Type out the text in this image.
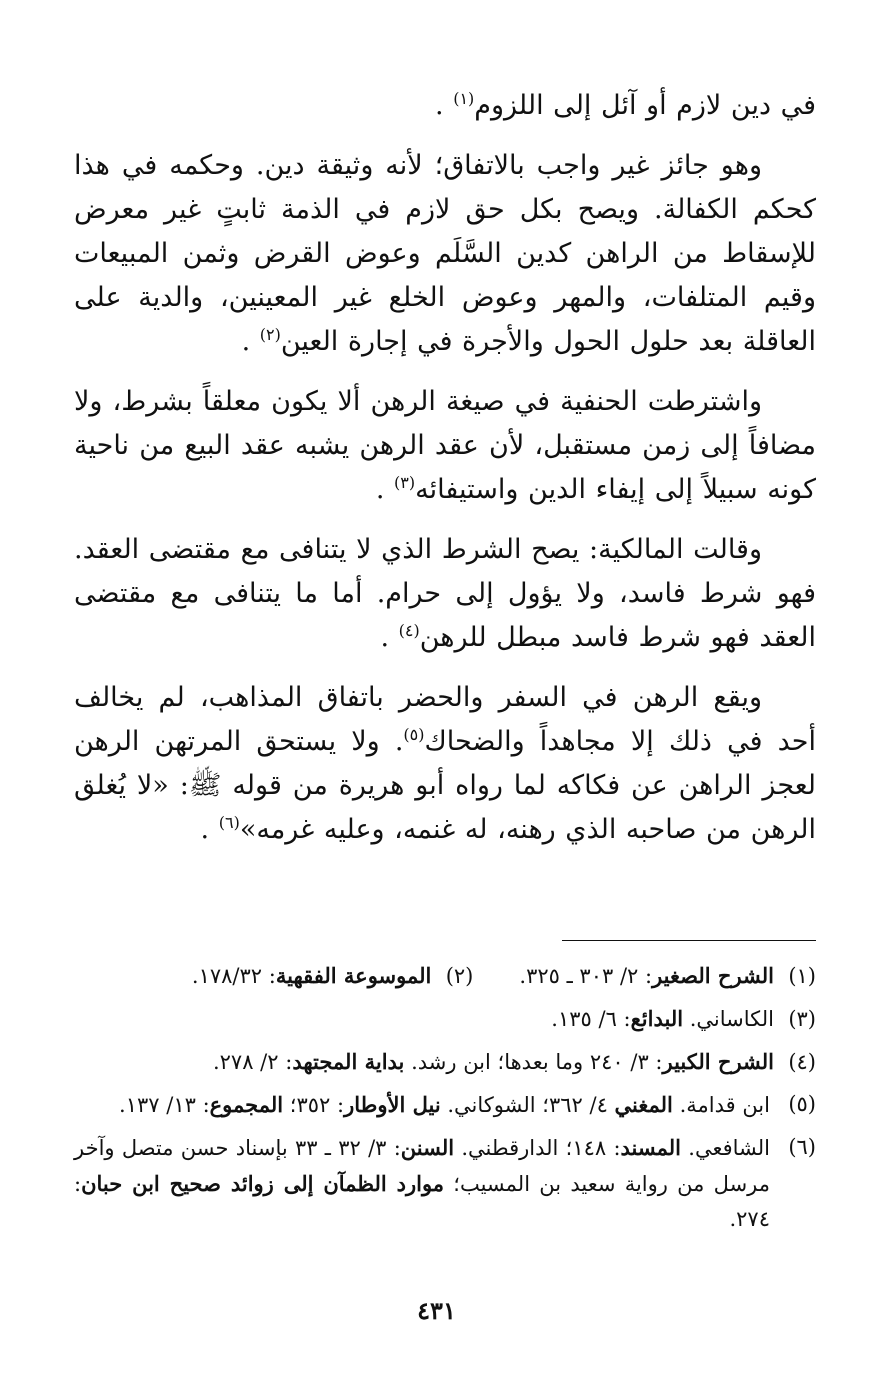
في دين لازم أو آئل إلى اللزوم$^{(١)}$ .

وهو جائز غير واجب بالاتفاق؛ لأنه وثيقة دين. وحكمه في هذا كحكم الكفالة. ويصح بكل حق لازم في الذمة ثابتٍ غير معرض للإسقاط من الراهن كدين السَّلَم وعوض القرض وثمن المبيعات وقيم المتلفات، والمهر وعوض الخلع غير المعينين، والدية على العاقلة بعد حلول الحول والأجرة في إجارة العين$^{(٢)}$ .

واشترطت الحنفية في صيغة الرهن ألا يكون معلقاً بشرط، ولا مضافاً إلى زمن مستقبل، لأن عقد الرهن يشبه عقد البيع من ناحية كونه سبيلاً إلى إيفاء الدين واستيفائه$^{(٣)}$ .

وقالت المالكية: يصح الشرط الذي لا يتنافى مع مقتضى العقد. فهو شرط فاسد، ولا يؤول إلى حرام. أما ما يتنافى مع مقتضى العقد فهو شرط فاسد مبطل للرهن$^{(٤)}$ .

ويقع الرهن في السفر والحضر باتفاق المذاهب، لم يخالف أحد في ذلك إلا مجاهداً والضحاك$^{(٥)}$. ولا يستحق المرتهن الرهن لعجز الراهن عن فكاكه لما رواه أبو هريرة من قوله ﷺ: «لا يُغلق الرهن من صاحبه الذي رهنه، له غنمه، وعليه غرمه»$^{(٦)}$ .

(١)الشرح الصغير: ٢/ ٣٠٣ ـ ٣٢٥.
(٢)الموسوعة الفقهية: ١٧٨/٣٢.
(٣)الكاساني. البدائع: ٦/ ١٣٥.
(٤)الشرح الكبير: ٣/ ٢٤٠ وما بعدها؛ ابن رشد. بداية المجتهد: ٢/ ٢٧٨.
(٥)
ابن قدامة. المغني ٤/ ٣٦٢؛ الشوكاني. نيل الأوطار: ٣٥٢؛ المجموع: ١٣/ ١٣٧.
(٦)
الشافعي. المسند: ١٤٨؛ الدارقطني. السنن: ٣/ ٣٢ ـ ٣٣ بإسناد حسن متصل وآخر مرسل من رواية سعيد بن المسيب؛ موارد الظمآن إلى زوائد صحيح ابن حبان: ٢٧٤.
٤٣١
